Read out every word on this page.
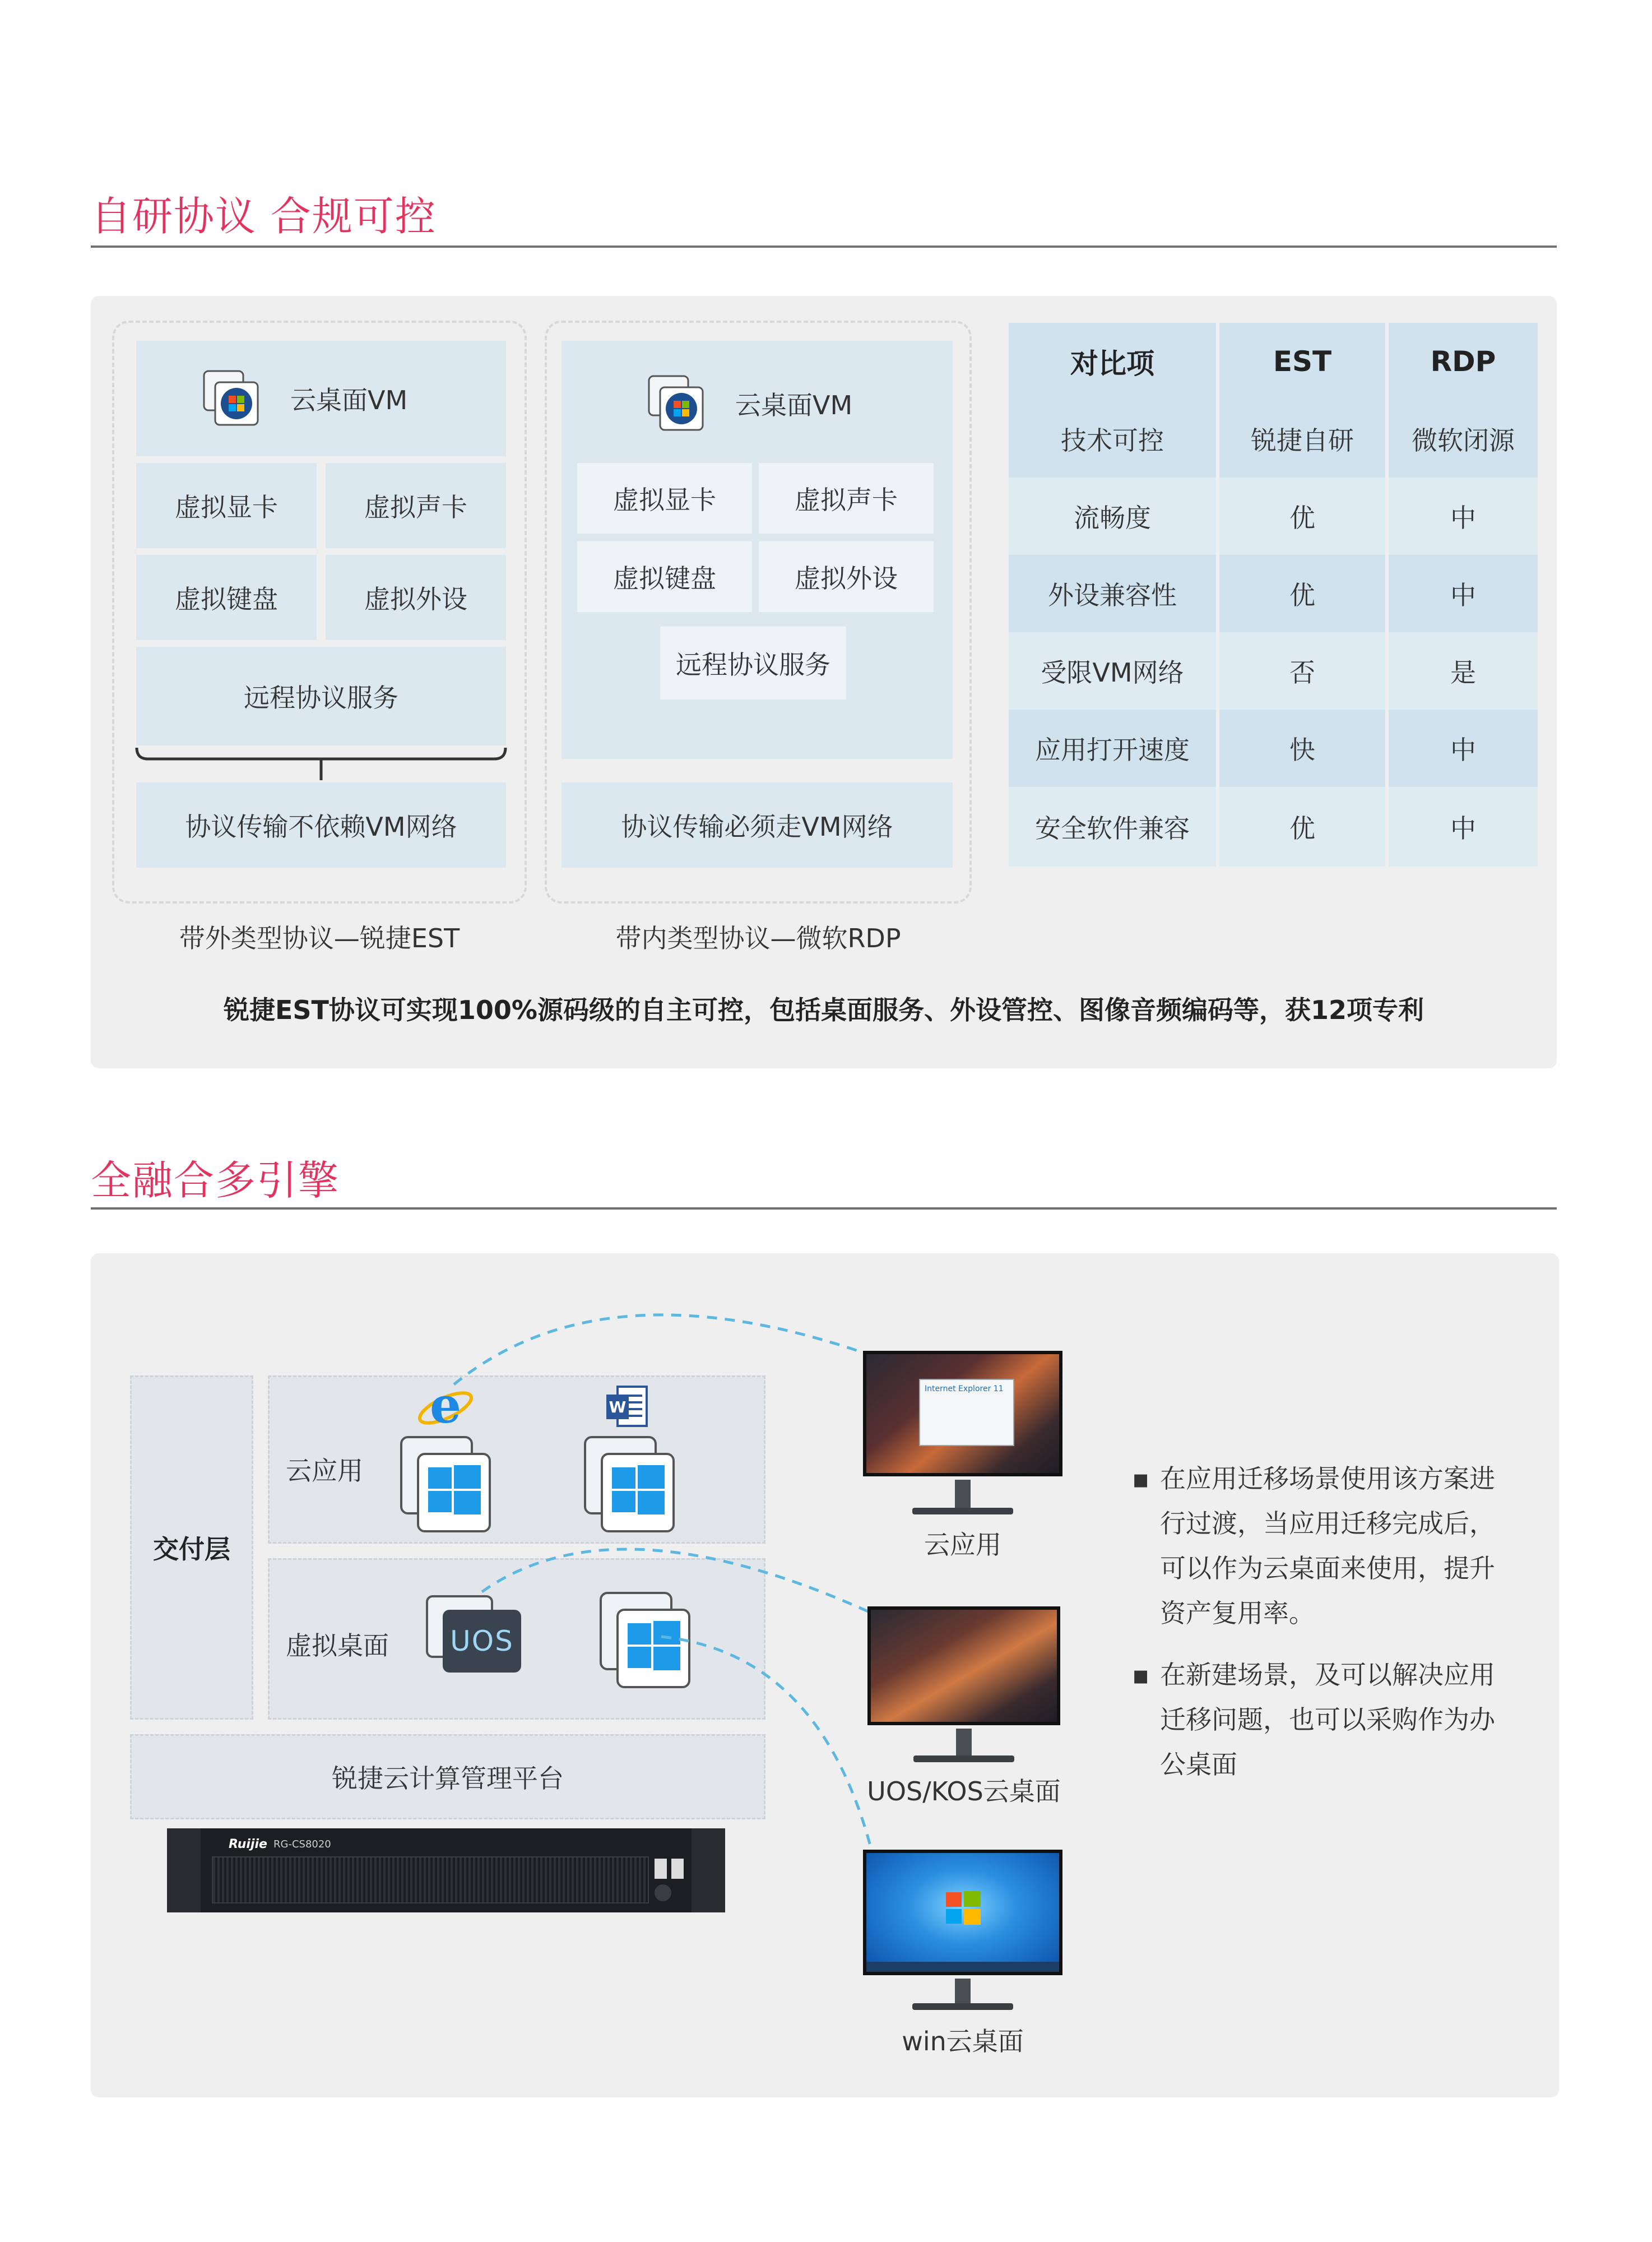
自研协议 合规可控
云桌面VM
虚拟显卡	虚拟声卡
虚拟键盘	虚拟外设
远程协议服务
协议传输不依赖VM网络
带外类型协议—锐捷EST
云桌面VM
虚拟显卡	虚拟声卡
虚拟键盘	虚拟外设
远程协议服务
协议传输必须走VM网络
带内类型协议—微软RDP
对比项	EST	RDP
技术可控	锐捷自研	微软闭源
流畅度	优	中
外设兼容性	优	中
受限VM网络	否	是
应用打开速度	快	中
安全软件兼容	优	中
锐捷EST协议可实现100%源码级的自主可控，包括桌面服务、外设管控、图像音频编码等，获12项专利
全融合多引擎
交付层
云应用
e	W
虚拟桌面 UOS
锐捷云计算管理平台
Ruijie RG-CS8020
Internet Explorer 11
云应用
UOS/KOS云桌面
win云桌面
▪ 在应用迁移场景使用该方案进行过渡，当应用迁移完成后，可以作为云桌面来使用，提升资产复用率。
▪ 在新建场景，及可以解决应用迁移问题，也可以采购作为办公桌面
